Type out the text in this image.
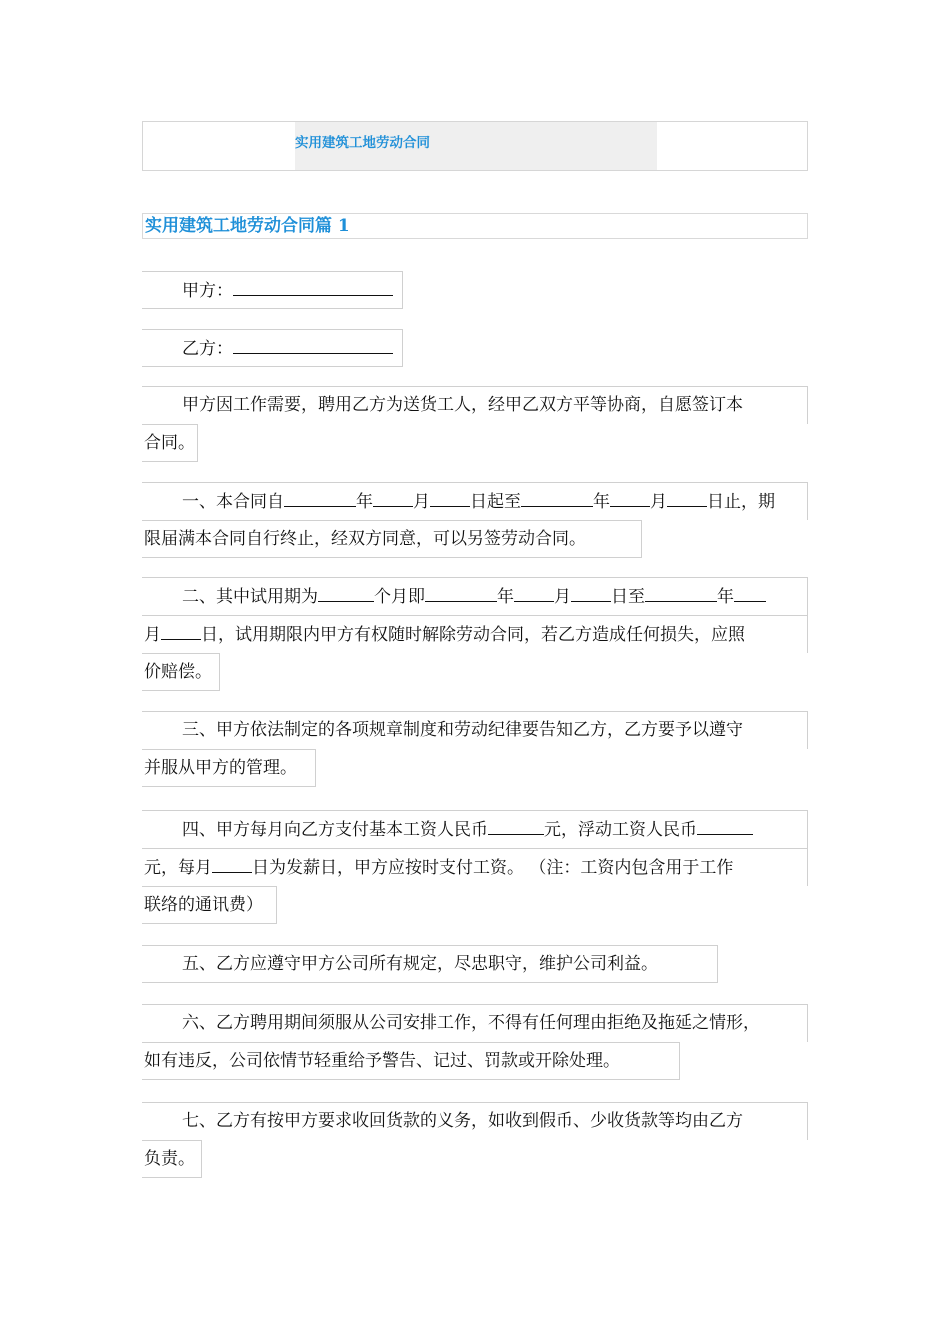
实用建筑工地劳动合同
实用建筑工地劳动合同篇 1
甲方：
乙方：
甲方因工作需要，聘用乙方为送货工人，经甲乙双方平等协商，自愿签订本
合同。
一、本合同自	年 月 日起至	年 月 日止，期
限届满本合同自行终止，经双方同意，可以另签劳动合同。
二、其中试用期为	个月即	年 月 日至	年
月 日，试用期限内甲方有权随时解除劳动合同，若乙方造成任何损失，应照
价赔偿。
三、甲方依法制定的各项规章制度和劳动纪律要告知乙方，乙方要予以遵守
并服从甲方的管理。
四、甲方每月向乙方支付基本工资人民币	元，浮动工资人民币
元，每月 日为发薪日，甲方应按时支付工资。 （注：工资内包含用于工作
联络的通讯费）
五、乙方应遵守甲方公司所有规定，尽忠职守，维护公司利益。
六、乙方聘用期间须服从公司安排工作，不得有任何理由拒绝及拖延之情形，
如有违反，公司依情节轻重给予警告、记过、罚款或开除处理。
七、乙方有按甲方要求收回货款的义务，如收到假币、少收货款等均由乙方
负责。
